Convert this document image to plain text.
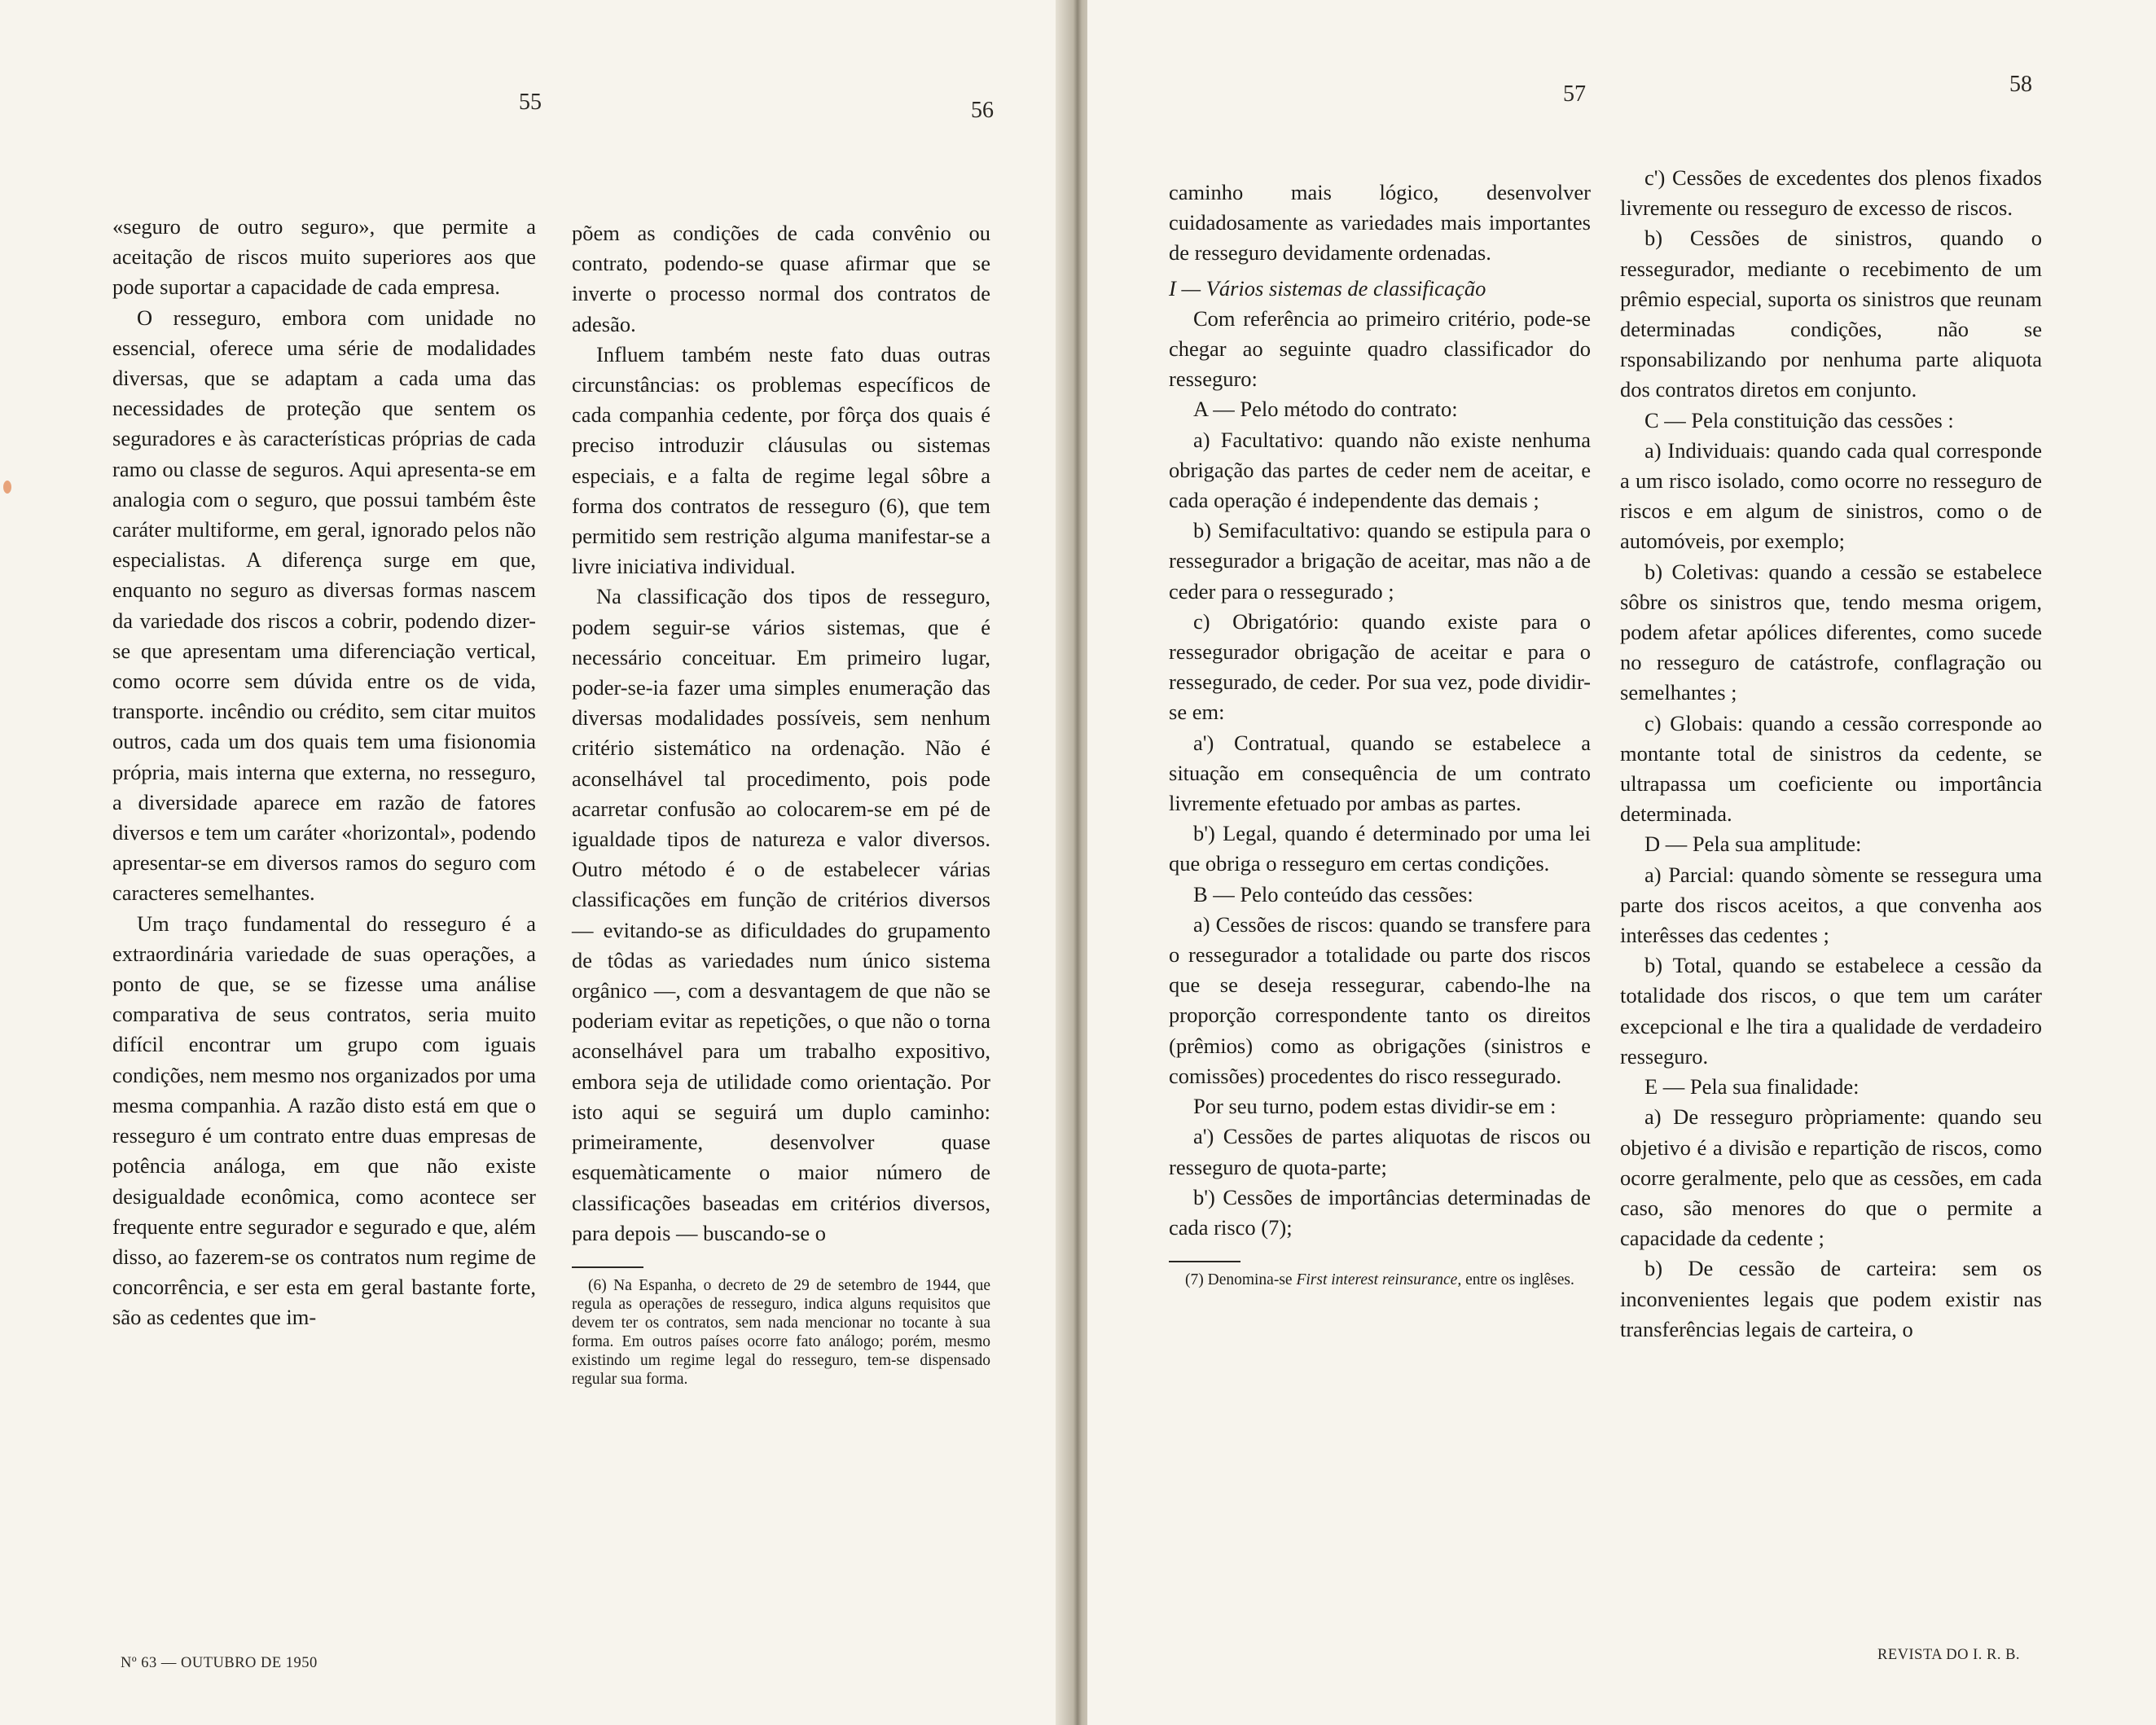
55	56

«seguro de outro seguro», que permite a aceitação de riscos muito superiores aos que pode suportar a capacidade de cada empresa.

O resseguro, embora com unidade no essencial, oferece uma série de modalidades diversas, que se adaptam a cada uma das necessidades de proteção que sentem os seguradores e às características próprias de cada ramo ou classe de seguros. Aqui apresenta-se em analogia com o seguro, que possui também êste caráter multiforme, em geral, ignorado pelos não especialistas. A diferença surge em que, enquanto no seguro as diversas formas nascem da variedade dos riscos a cobrir, podendo dizer-se que apresentam uma diferenciação vertical, como ocorre sem dúvida entre os de vida, transporte. incêndio ou crédito, sem citar muitos outros, cada um dos quais tem uma fisionomia própria, mais interna que externa, no resseguro, a diversidade aparece em razão de fatores diversos e tem um caráter «horizontal», podendo apresentar-se em diversos ramos do seguro com caracteres semelhantes.

Um traço fundamental do resseguro é a extraordinária variedade de suas operações, a ponto de que, se se fizesse uma análise comparativa de seus contratos, seria muito difícil encontrar um grupo com iguais condições, nem mesmo nos organizados por uma mesma companhia. A razão disto está em que o resseguro é um contrato entre duas empresas de potência análoga, em que não existe desigualdade econômica, como acontece ser frequente entre segurador e segurado e que, além disso, ao fazerem-se os contratos num regime de concorrência, e ser esta em geral bastante forte, são as cedentes que im-

põem as condições de cada convênio ou contrato, podendo-se quase afirmar que se inverte o processo normal dos contratos de adesão.

Influem também neste fato duas outras circunstâncias: os problemas específicos de cada companhia cedente, por fôrça dos quais é preciso introduzir cláusulas ou sistemas especiais, e a falta de regime legal sôbre a forma dos contratos de resseguro (6), que tem permitido sem restrição alguma manifestar-se a livre iniciativa individual.

Na classificação dos tipos de resseguro, podem seguir-se vários sistemas, que é necessário conceituar. Em primeiro lugar, poder-se-ia fazer uma simples enumeração das diversas modalidades possíveis, sem nenhum critério sistemático na ordenação. Não é aconselhável tal procedimento, pois pode acarretar confusão ao colocarem-se em pé de igualdade tipos de natureza e valor diversos. Outro método é o de estabelecer várias classificações em função de critérios diversos — evitando-se as dificuldades do grupamento de tôdas as variedades num único sistema orgânico —, com a desvantagem de que não se poderiam evitar as repetições, o que não o torna aconselhável para um trabalho expositivo, embora seja de utilidade como orientação. Por isto aqui se seguirá um duplo caminho: primeiramente, desenvolver quase esquemàticamente o maior número de classificações baseadas em critérios diversos, para depois — buscando-se o

(6) Na Espanha, o decreto de 29 de setembro de 1944, que regula as operações de resseguro, indica alguns requisitos que devem ter os contratos, sem nada mencionar no tocante à sua forma. Em outros países ocorre fato análogo; porém, mesmo existindo um regime legal do resseguro, tem-se dispensado regular sua forma.

Nº 63 — OUTUBRO DE 1950
57	58

caminho mais lógico, desenvolver cuidadosamente as variedades mais importantes de resseguro devidamente ordenadas.

I — Vários sistemas de classificação

Com referência ao primeiro critério, pode-se chegar ao seguinte quadro classificador do resseguro:

A — Pelo método do contrato:

a) Facultativo: quando não existe nenhuma obrigação das partes de ceder nem de aceitar, e cada operação é independente das demais ;

b) Semifacultativo: quando se estipula para o ressegurador a brigação de aceitar, mas não a de ceder para o ressegurado ;

c) Obrigatório: quando existe para o ressegurador obrigação de aceitar e para o ressegurado, de ceder. Por sua vez, pode dividir-se em:

a') Contratual, quando se estabelece a situação em consequência de um contrato livremente efetuado por ambas as partes.

b') Legal, quando é determinado por uma lei que obriga o resseguro em certas condições.

B — Pelo conteúdo das cessões:

a) Cessões de riscos: quando se transfere para o ressegurador a totalidade ou parte dos riscos que se deseja ressegurar, cabendo-lhe na proporção correspondente tanto os direitos (prêmios) como as obrigações (sinistros e comissões) procedentes do risco ressegurado.

Por seu turno, podem estas dividir-se em :

a') Cessões de partes aliquotas de riscos ou resseguro de quota-parte;

b') Cessões de importâncias determinadas de cada risco (7);

(7) Denomina-se First interest reinsurance, entre os inglêses.

c') Cessões de excedentes dos plenos fixados livremente ou resseguro de excesso de riscos.

b) Cessões de sinistros, quando o ressegurador, mediante o recebimento de um prêmio especial, suporta os sinistros que reunam determinadas condições, não se rsponsabilizando por nenhuma parte aliquota dos contratos diretos em conjunto.

C — Pela constituição das cessões :

a) Individuais: quando cada qual corresponde a um risco isolado, como ocorre no resseguro de riscos e em algum de sinistros, como o de automóveis, por exemplo;

b) Coletivas: quando a cessão se estabelece sôbre os sinistros que, tendo mesma origem, podem afetar apólices diferentes, como sucede no resseguro de catástrofe, conflagração ou semelhantes ;

c) Globais: quando a cessão corresponde ao montante total de sinistros da cedente, se ultrapassa um coeficiente ou importância determinada.

D — Pela sua amplitude:

a) Parcial: quando sòmente se ressegura uma parte dos riscos aceitos, a que convenha aos interêsses das cedentes ;

b) Total, quando se estabelece a cessão da totalidade dos riscos, o que tem um caráter excepcional e lhe tira a qualidade de verdadeiro resseguro.

E — Pela sua finalidade:

a) De resseguro pròpriamente: quando seu objetivo é a divisão e repartição de riscos, como ocorre geralmente, pelo que as cessões, em cada caso, são menores do que o permite a capacidade da cedente ;

b) De cessão de carteira: sem os inconvenientes legais que podem existir nas transferências legais de carteira, o

REVISTA DO I. R. B.
